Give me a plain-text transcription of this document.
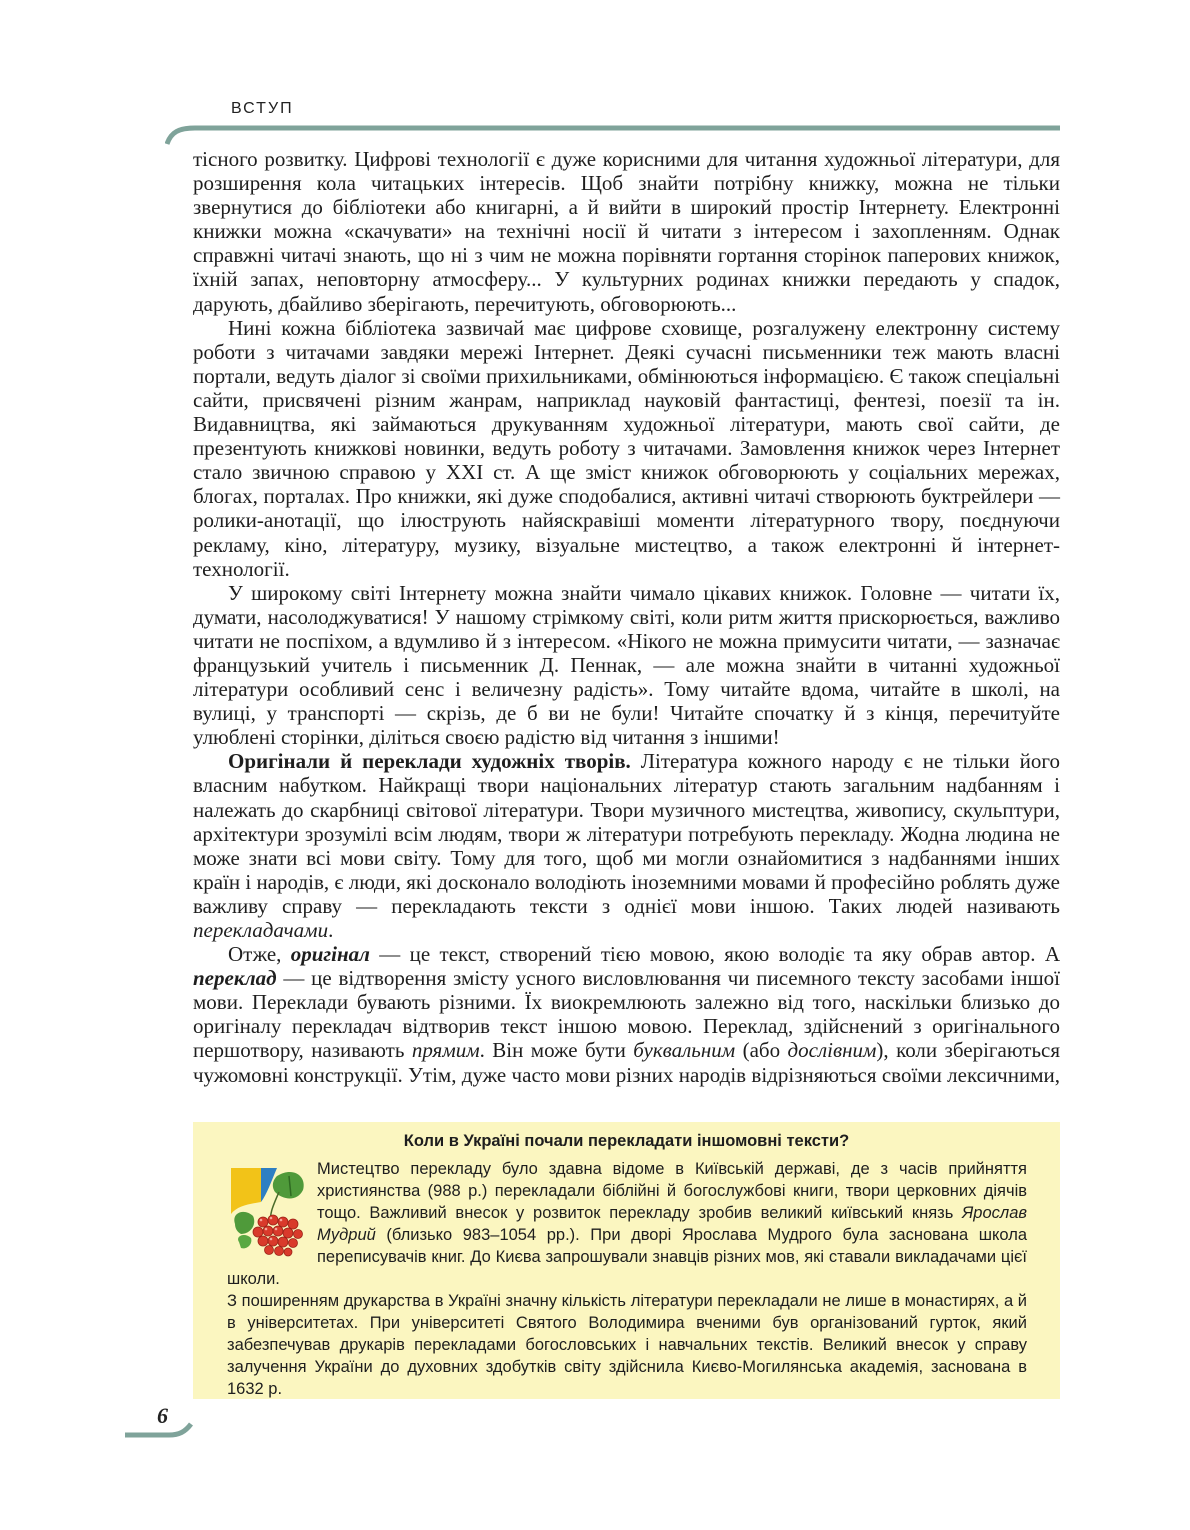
ВСТУП

тісного розвитку. Цифрові технології є дуже корисними для читання художньої літератури, для розширення кола читацьких інтересів. Щоб знайти потрібну книжку, можна не тільки звернутися до бібліотеки або книгарні, а й вийти в широкий простір Інтернету. Електронні книжки можна «скачувати» на технічні носії й читати з інтересом і захопленням. Однак справжні читачі знають, що ні з чим не можна порівняти гортання сторінок паперових книжок, їхній запах, неповторну атмосферу... У культурних родинах книжки передають у спадок, дарують, дбайливо зберігають, перечитують, обговорюють...

Нині кожна бібліотека зазвичай має цифрове сховище, розгалужену електронну систему роботи з читачами завдяки мережі Інтернет. Деякі сучасні письменники теж мають власні портали, ведуть діалог зі своїми прихильниками, обмінюються інформацією. Є також спеціальні сайти, присвячені різним жанрам, наприклад науковій фантастиці, фентезі, поезії та ін. Видавництва, які займаються друкуванням художньої літератури, мають свої сайти, де презентують книжкові новинки, ведуть роботу з читачами. Замовлення книжок через Інтернет стало звичною справою у XXI ст. А ще зміст книжок обговорюють у соціальних мережах, блогах, порталах. Про книжки, які дуже сподобалися, активні читачі створюють буктрейлери — ролики-анотації, що ілюструють найяскравіші моменти літературного твору, поєднуючи рекламу, кіно, літературу, музику, візуальне мистецтво, а також електронні й інтернет-технології.

У широкому світі Інтернету можна знайти чимало цікавих книжок. Головне — читати їх, думати, насолоджуватися! У нашому стрімкому світі, коли ритм життя прискорюється, важливо читати не поспіхом, а вдумливо й з інтересом. «Нікого не можна примусити читати, — зазначає французький учитель і письменник Д. Пеннак, — але можна знайти в читанні художньої літератури особливий сенс і величезну радість». Тому читайте вдома, читайте в школі, на вулиці, у транспорті — скрізь, де б ви не були! Читайте спочатку й з кінця, перечитуйте улюблені сторінки, діліться своєю радістю від читання з іншими!

Оригінали й переклади художніх творів. Література кожного народу є не тільки його власним набутком. Найкращі твори національних літератур стають загальним надбанням і належать до скарбниці світової літератури. Твори музичного мистецтва, живопису, скульптури, архітектури зрозумілі всім людям, твори ж літератури потребують перекладу. Жодна людина не може знати всі мови світу. Тому для того, щоб ми могли ознайомитися з надбаннями інших країн і народів, є люди, які досконало володіють іноземними мовами й професійно роблять дуже важливу справу — перекладають тексти з однієї мови іншою. Таких людей називають перекладачами.

Отже, оригінал — це текст, створений тією мовою, якою володіє та яку обрав автор. А переклад — це відтворення змісту усного висловлювання чи писемного тексту засобами іншої мови. Переклади бувають різними. Їх виокремлюють залежно від того, наскільки близько до оригіналу перекладач відтворив текст іншою мовою. Переклад, здійснений з оригінального першотвору, називають прямим. Він може бути буквальним (або дослівним), коли зберігаються чужомовні конструкції. Утім, дуже часто мови різних народів відрізняються своїми лексичними,

Коли в Україні почали перекладати іншомовні тексти?

Мистецтво перекладу було здавна відоме в Київській державі, де з часів прийняття християнства (988 р.) перекладали біблійні й богослужбові книги, твори церковних діячів тощо. Важливий внесок у розвиток перекладу зробив великий київський князь Ярослав Мудрий (близько 983–1054 рр.). При дворі Ярослава Мудрого була заснована школа переписувачів книг. До Києва запрошували знавців різних мов, які ставали викладачами цієї школи.

З поширенням друкарства в Україні значну кількість літератури перекладали не лише в монастирях, а й в університетах. При університеті Святого Володимира вченими був організований гурток, який забезпечував друкарів перекладами богословських і навчальних текстів. Великий внесок у справу залучення України до духовних здобутків світу здійснила Києво-Могилянська академія, заснована в 1632 р.

6
